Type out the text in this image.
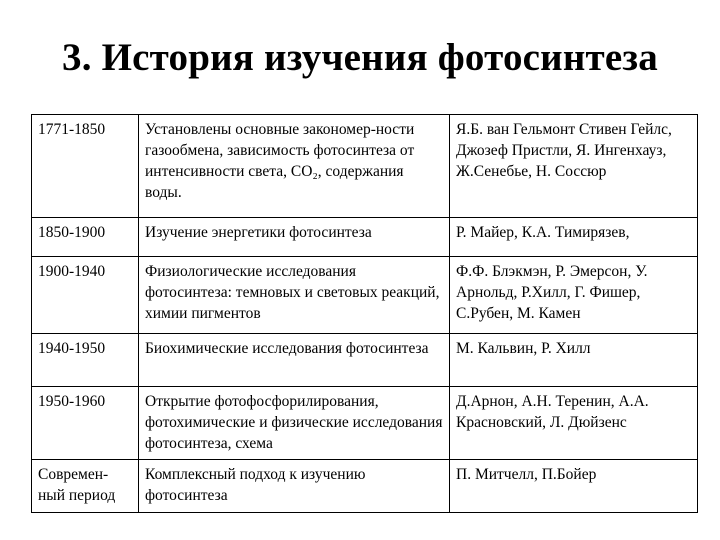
3. История изучения фотосинтеза
1771-1850	Установлены основные закономер-ности газообмена, зависимость фотосинтеза от интенсивности света, СО₂, содержания воды.	Я.Б. ван Гельмонт Стивен Гейлс, Джозеф Пристли, Я. Ингенхауз, Ж.Сенебье, Н. Соссюр

1850-1900	Изучение энергетики фотосинтеза	Р. Майер, К.А. Тимирязев,

1900-1940	Физиологические исследования фотосинтеза: темновых и световых реакций, химии пигментов	Ф.Ф. Блэкмэн, Р. Эмерсон, У. Арнольд, Р.Хилл, Г. Фишер, С.Рубен, М. Камен

1940-1950	Биохимические исследования фотосинтеза	М. Кальвин, Р. Хилл

1950-1960	Открытие фотофосфорилирования, фотохимические и физические исследования фотосинтеза, схема	Д.Арнон, А.Н. Теренин, А.А. Красновский, Л. Дюйзенс

Современ-ный период	Комплексный подход к изучению фотосинтеза	П. Митчелл, П.Бойер
